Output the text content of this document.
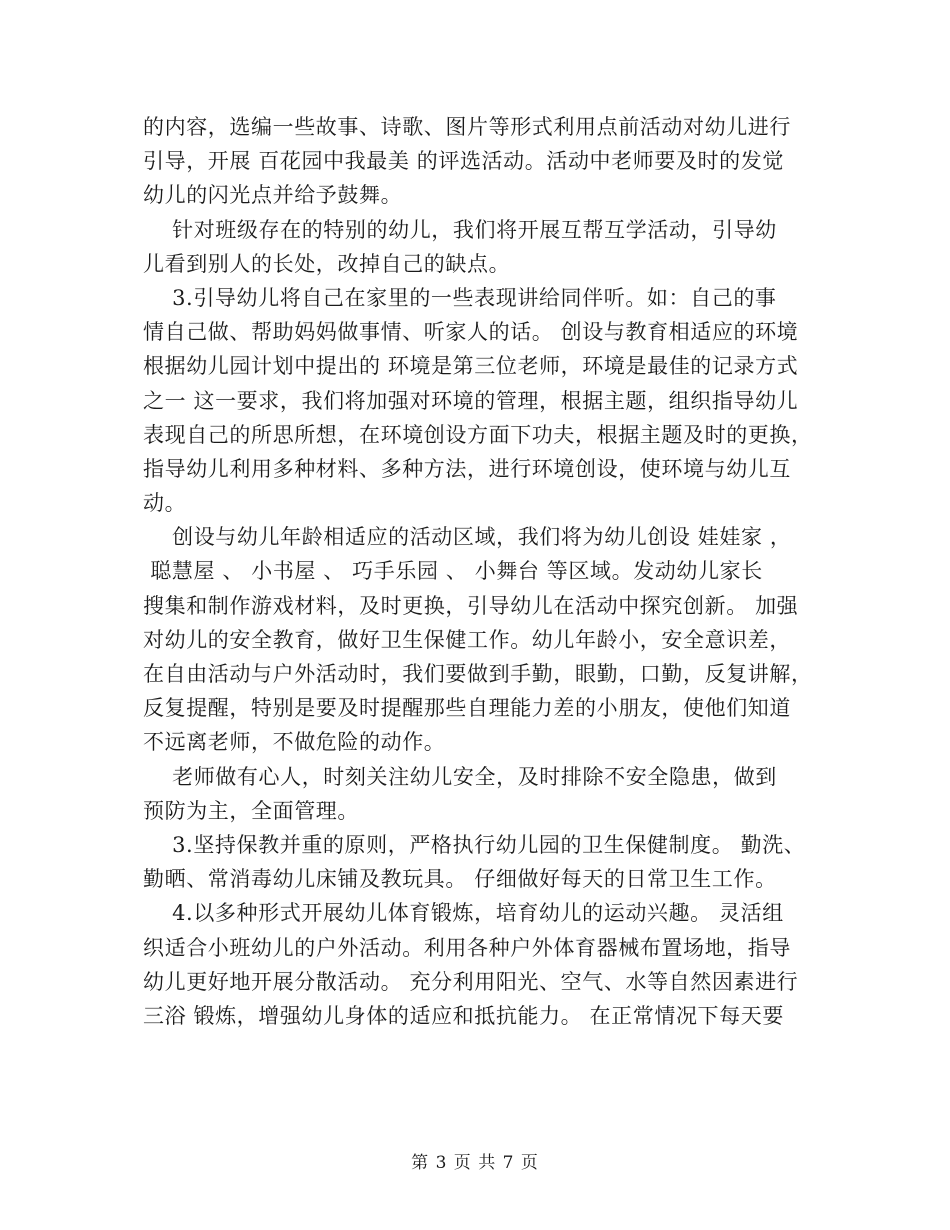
的内容，选编一些故事、诗歌、图片等形式利用点前活动对幼儿进行
引导，开展 百花园中我最美 的评选活动。活动中老师要及时的发觉
幼儿的闪光点并给予鼓舞。
针对班级存在的特别的幼儿，我们将开展互帮互学活动，引导幼
儿看到别人的长处，改掉自己的缺点。
3.引导幼儿将自己在家里的一些表现讲给同伴听。如：自己的事
情自己做、帮助妈妈做事情、听家人的话。 创设与教育相适应的环境
根据幼儿园计划中提出的 环境是第三位老师，环境是最佳的记录方式
之一 这一要求，我们将加强对环境的管理，根据主题，组织指导幼儿
表现自己的所思所想，在环境创设方面下功夫，根据主题及时的更换，
指导幼儿利用多种材料、多种方法，进行环境创设，使环境与幼儿互
动。
创设与幼儿年龄相适应的活动区域，我们将为幼儿创设 娃娃家 ，
聪慧屋 、 小书屋 、 巧手乐园 、 小舞台 等区域。发动幼儿家长
搜集和制作游戏材料，及时更换，引导幼儿在活动中探究创新。 加强
对幼儿的安全教育，做好卫生保健工作。幼儿年龄小，安全意识差，
在自由活动与户外活动时，我们要做到手勤，眼勤，口勤，反复讲解，
反复提醒，特别是要及时提醒那些自理能力差的小朋友，使他们知道
不远离老师，不做危险的动作。
老师做有心人，时刻关注幼儿安全，及时排除不安全隐患，做到
预防为主，全面管理。
3.坚持保教并重的原则，严格执行幼儿园的卫生保健制度。 勤洗、
勤晒、常消毒幼儿床铺及教玩具。 仔细做好每天的日常卫生工作。
4.以多种形式开展幼儿体育锻炼，培育幼儿的运动兴趣。 灵活组
织适合小班幼儿的户外活动。利用各种户外体育器械布置场地，指导
幼儿更好地开展分散活动。 充分利用阳光、空气、水等自然因素进行
三浴 锻炼，增强幼儿身体的适应和抵抗能力。 在正常情况下每天要
第 3 页 共 7 页
